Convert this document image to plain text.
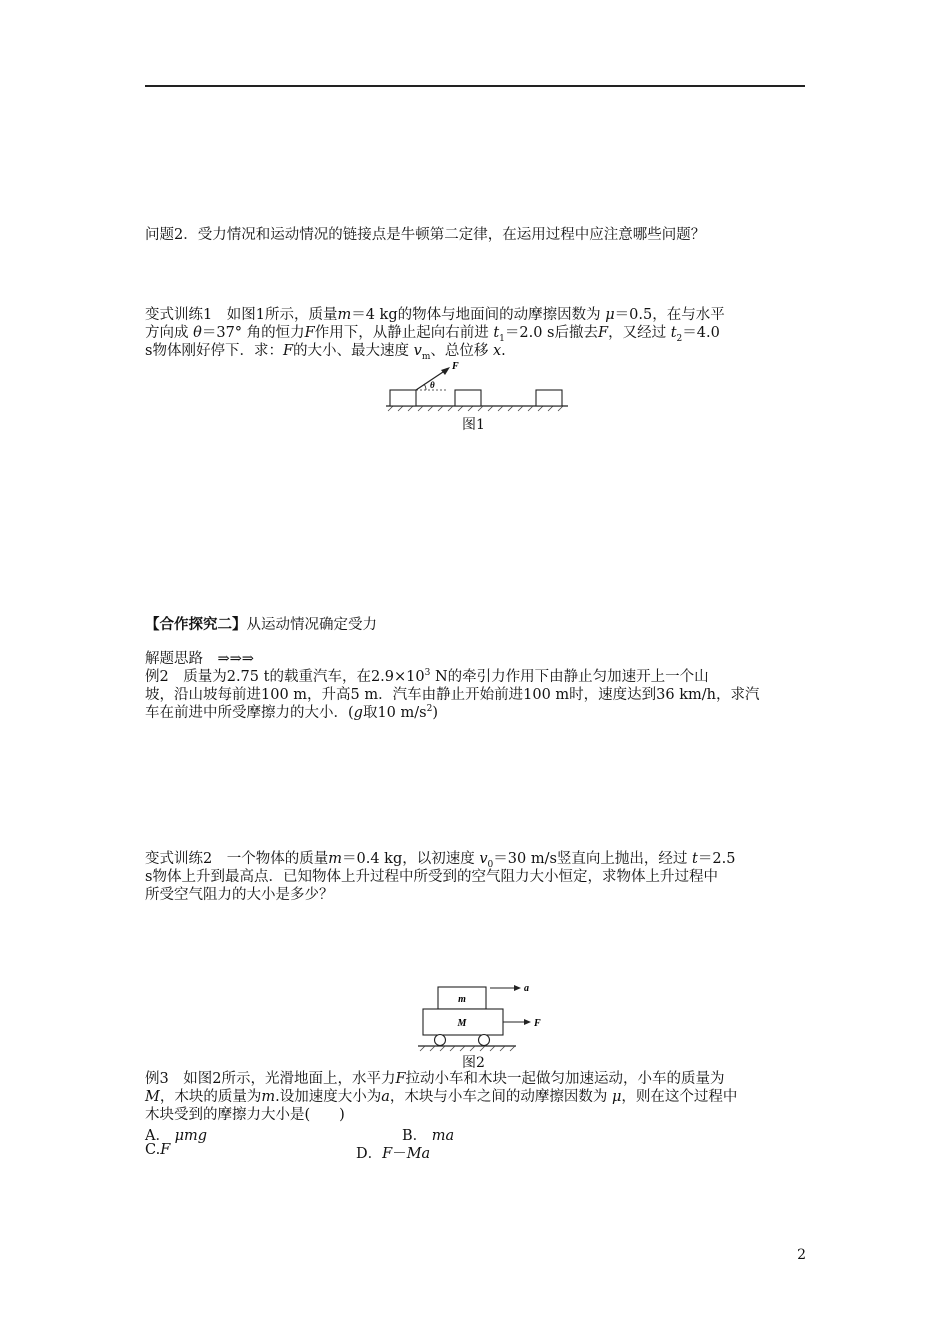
问题2．受力情况和运动情况的链接点是牛顿第二定律，在运用过程中应注意哪些问题？

变式训练1　如图1所示，质量m＝4 kg的物体与地面间的动摩擦因数为 μ＝0.5，在与水平

方向成 θ＝37° 角的恒力F作用下，从静止起向右前进 $t_1=2.0$ s后撤去F，又经过 $t_2=4.0$

s物体刚好停下．求：F的大小、最大速度 $v_m$、总位移 x.

θ
F
图1

【合作探究二】从运动情况确定受力

解题思路　⇒⇒⇒

例2　质量为2.75 t的载重汽车，在$2.9\times 10^3$ N的牵引力作用下由静止匀加速开上一个山

坡，沿山坡每前进100 m，升高5 m．汽车由静止开始前进100 m时，速度达到36 km/h，求汽

车在前进中所受摩擦力的大小．(g取10 $m/s^2$)

变式训练2　一个物体的质量m＝0.4 kg，以初速度 $v_0=30$ m/s竖直向上抛出，经过 t＝2.5

s物体上升到最高点．已知物体上升过程中所受到的空气阻力大小恒定，求物体上升过程中

所受空气阻力的大小是多少？

m
M
a
F
图2

例3　如图2所示，光滑地面上，水平力F拉动小车和木块一起做匀加速运动，小车的质量为

M，木块的质量为m.设加速度大小为a，木块与小车之间的动摩擦因数为 μ，则在这个过程中

木块受到的摩擦力大小是(　　)

A． μmg	B． ma
C.F	D．F－Ma
2
